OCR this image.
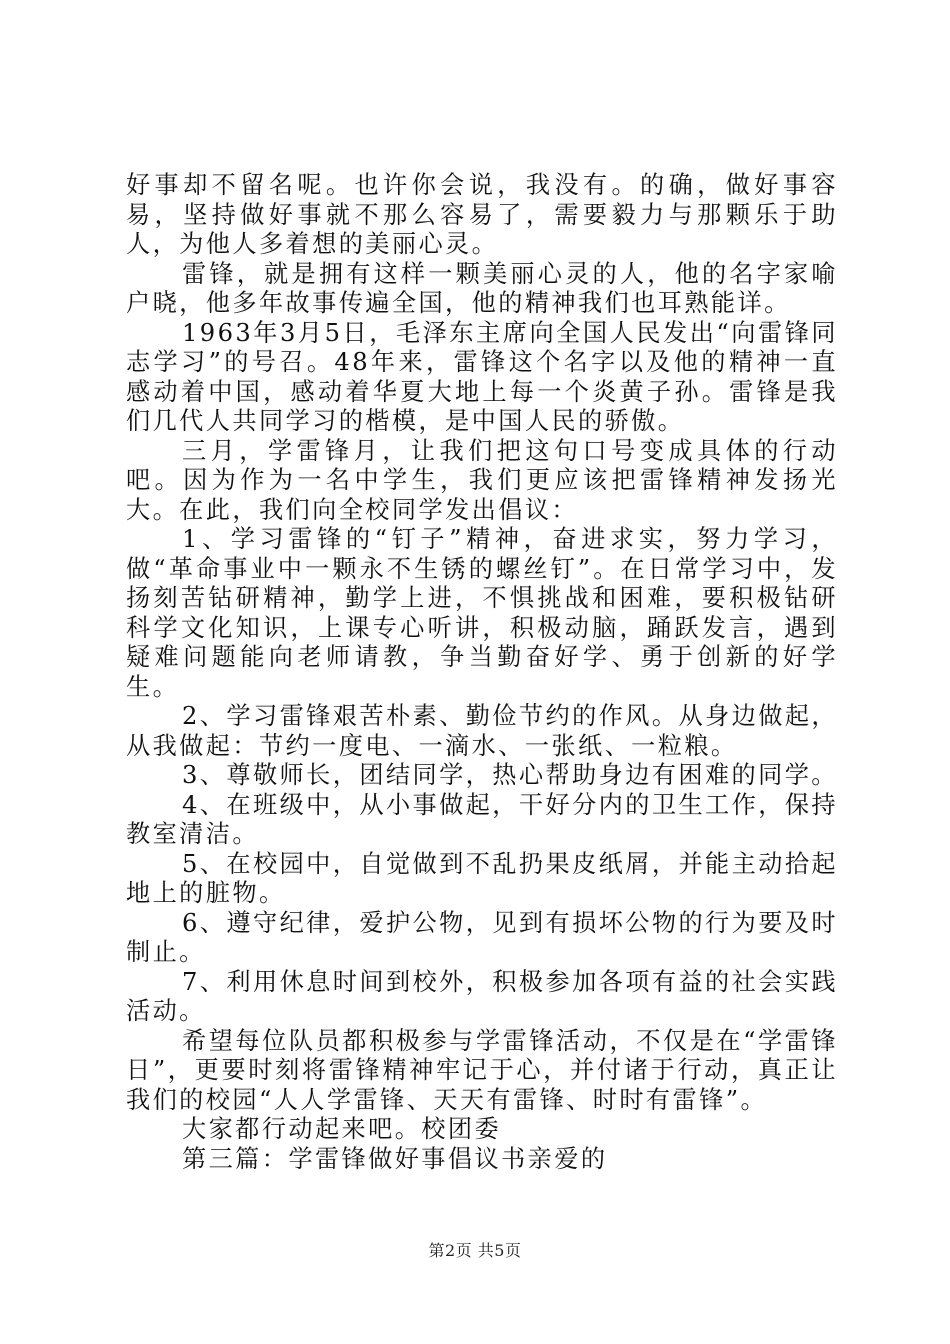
好事却不留名呢。也许你会说，我没有。的确，做好事容易，坚持做好事就不那么容易了，需要毅力与那颗乐于助人，为他人多着想的美丽心灵。

雷锋，就是拥有这样一颗美丽心灵的人，他的名字家喻户晓，他多年故事传遍全国，他的精神我们也耳熟能详。

1963年3月5日，毛泽东主席向全国人民发出“向雷锋同志学习”的号召。48年来，雷锋这个名字以及他的精神一直感动着中国，感动着华夏大地上每一个炎黄子孙。雷锋是我们几代人共同学习的楷模，是中国人民的骄傲。

三月，学雷锋月，让我们把这句口号变成具体的行动吧。因为作为一名中学生，我们更应该把雷锋精神发扬光大。在此，我们向全校同学发出倡议：

1、学习雷锋的“钉子”精神，奋进求实，努力学习，做“革命事业中一颗永不生锈的螺丝钉”。在日常学习中，发扬刻苦钻研精神，勤学上进，不惧挑战和困难，要积极钻研科学文化知识，上课专心听讲，积极动脑，踊跃发言，遇到疑难问题能向老师请教，争当勤奋好学、勇于创新的好学生。

2、学习雷锋艰苦朴素、勤俭节约的作风。从身边做起，从我做起：节约一度电、一滴水、一张纸、一粒粮。

3、尊敬师长，团结同学，热心帮助身边有困难的同学。

4、在班级中，从小事做起，干好分内的卫生工作，保持教室清洁。

5、在校园中，自觉做到不乱扔果皮纸屑，并能主动拾起地上的脏物。

6、遵守纪律，爱护公物，见到有损坏公物的行为要及时制止。

7、利用休息时间到校外，积极参加各项有益的社会实践活动。

希望每位队员都积极参与学雷锋活动，不仅是在“学雷锋日”，更要时刻将雷锋精神牢记于心，并付诸于行动，真正让我们的校园“人人学雷锋、天天有雷锋、时时有雷锋”。

大家都行动起来吧。校团委

第三篇：学雷锋做好事倡议书亲爱的

第2页 共5页
